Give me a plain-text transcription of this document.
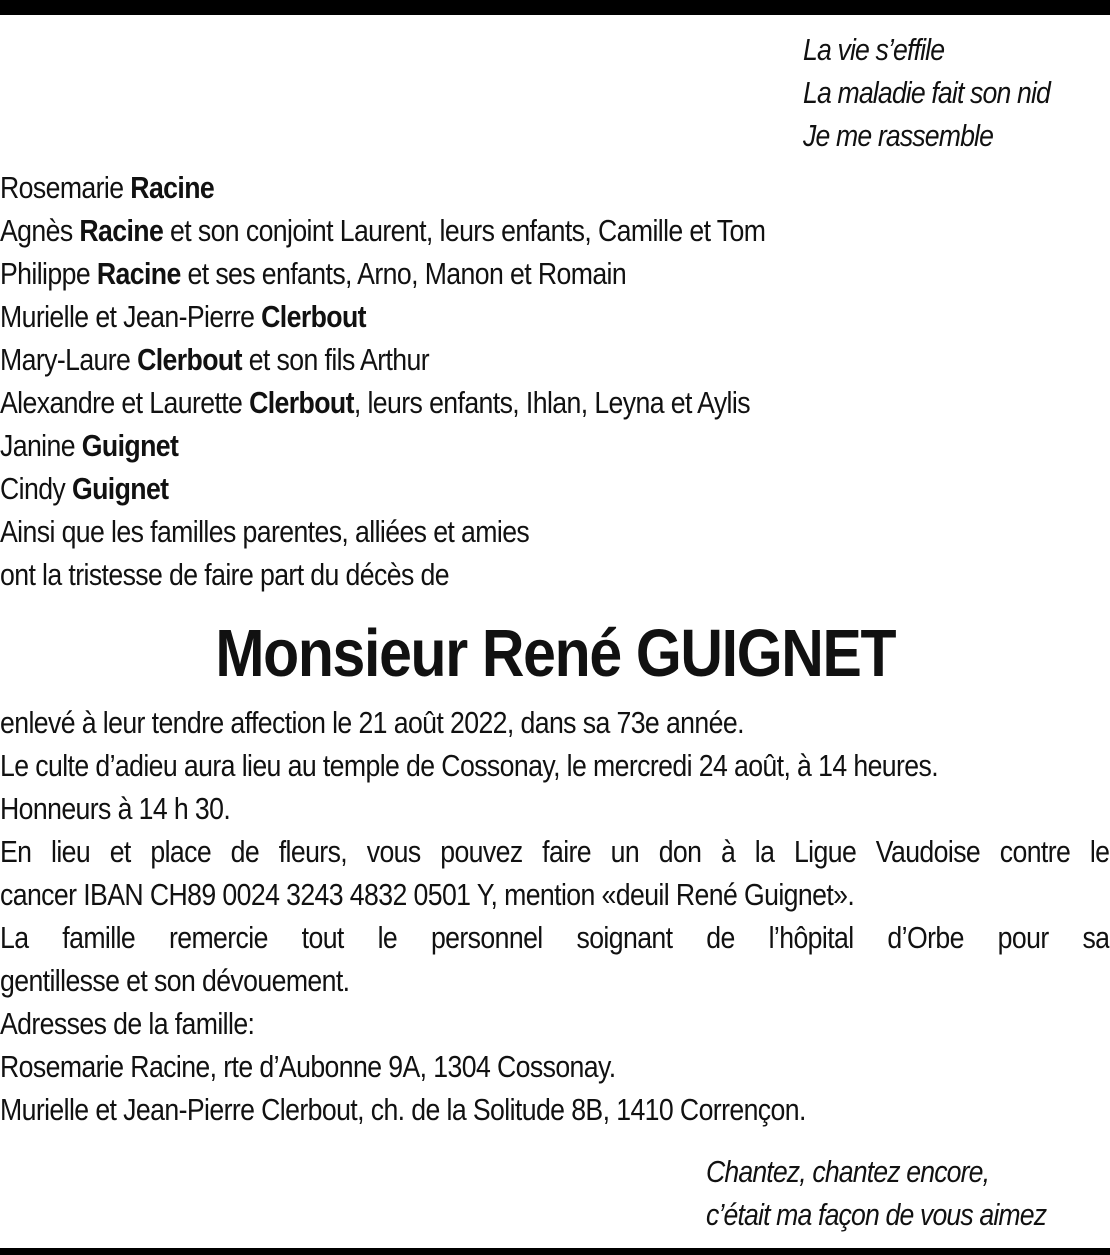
La vie s’effile
La maladie fait son nid
Je me rassemble
Rosemarie Racine
Agnès Racine et son conjoint Laurent, leurs enfants, Camille et Tom
Philippe Racine et ses enfants, Arno, Manon et Romain
Murielle et Jean-Pierre Clerbout
Mary-Laure Clerbout et son fils Arthur
Alexandre et Laurette Clerbout, leurs enfants, Ihlan, Leyna et Aylis
Janine Guignet
Cindy Guignet
Ainsi que les familles parentes, alliées et amies
ont la tristesse de faire part du décès de
Monsieur René GUIGNET
enlevé à leur tendre affection le 21 août 2022, dans sa 73e année.
Le culte d’adieu aura lieu au temple de Cossonay, le mercredi 24 août, à 14 heures.
Honneurs à 14 h 30.
En lieu et place de fleurs, vous pouvez faire un don à la Ligue Vaudoise contre le
cancer IBAN CH89 0024 3243 4832 0501 Y, mention «deuil René Guignet».
La famille remercie tout le personnel soignant de l’hôpital d’Orbe pour sa
gentillesse et son dévouement.
Adresses de la famille:
Rosemarie Racine, rte d’Aubonne 9A, 1304 Cossonay.
Murielle et Jean-Pierre Clerbout, ch. de la Solitude 8B, 1410 Corrençon.
Chantez, chantez encore,
c’était ma façon de vous aimez
